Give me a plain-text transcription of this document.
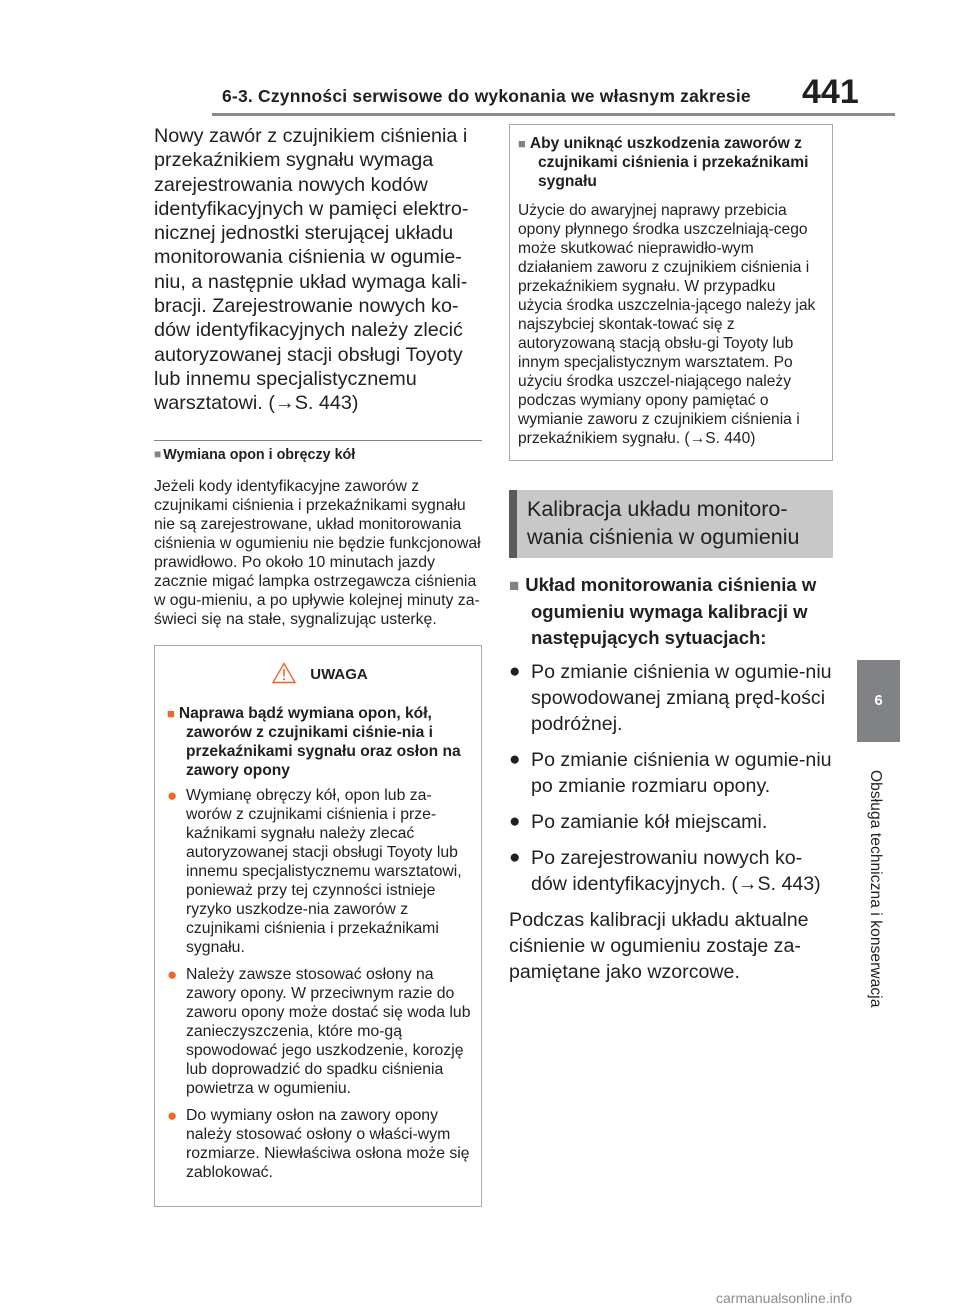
6-3. Czynności serwisowe do wykonania we własnym zakresie 441
6
Obsługa techniczna i konserwacja

Nowy zawór z czujnikiem ciśnienia i przekaźnikiem sygnału wymaga zarejestrowania nowych kodów identyfikacyjnych w pamięci elektro-nicznej jednostki sterującej układu monitorowania ciśnienia w ogumie-niu, a następnie układ wymaga kali-bracji. Zarejestrowanie nowych ko-dów identyfikacyjnych należy zlecić autoryzowanej stacji obsługi Toyoty lub innemu specjalistycznemu warsztatowi. (→S. 443)

■ Wymiana opon i obręczy kół

Jeżeli kody identyfikacyjne zaworów z czujnikami ciśnienia i przekaźnikami sygnału nie są zarejestrowane, układ monitorowania ciśnienia w ogumieniu nie będzie funkcjonował prawidłowo. Po około 10 minutach jazdy zacznie migać lampka ostrzegawcza ciśnienia w ogu-mieniu, a po upływie kolejnej minuty za-świeci się na stałe, sygnalizując usterkę.

UWAGA

■ Naprawa bądź wymiana opon, kół, zaworów z czujnikami ciśnie-nia i przekaźnikami sygnału oraz osłon na zawory opony

● Wymianę obręczy kół, opon lub za-worów z czujnikami ciśnienia i prze-kaźnikami sygnału należy zlecać autoryzowanej stacji obsługi Toyoty lub innemu specjalistycznemu warsztatowi, ponieważ przy tej czynności istnieje ryzyko uszkodze-nia zaworów z czujnikami ciśnienia i przekaźnikami sygnału.
● Należy zawsze stosować osłony na zawory opony. W przeciwnym razie do zaworu opony może dostać się woda lub zanieczyszczenia, które mo-gą spowodować jego uszkodzenie, korozję lub doprowadzić do spadku ciśnienia powietrza w ogumieniu.
● Do wymiany osłon na zawory opony należy stosować osłony o właści-wym rozmiarze. Niewłaściwa osłona może się zablokować.

■ Aby uniknąć uszkodzenia zaworów z czujnikami ciśnienia i przekaźnikami sygnału

Użycie do awaryjnej naprawy przebicia opony płynnego środka uszczelniają-cego może skutkować nieprawidło-wym działaniem zaworu z czujnikiem ciśnienia i przekaźnikiem sygnału. W przypadku użycia środka uszczelnia-jącego należy jak najszybciej skontak-tować się z autoryzowaną stacją obsłu-gi Toyoty lub innym specjalistycznym warsztatem. Po użyciu środka uszczel-niającego należy podczas wymiany opony pamiętać o wymianie zaworu z czujnikiem ciśnienia i przekaźnikiem sygnału. (→S. 440)

Kalibracja układu monitoro-wania ciśnienia w ogumieniu

■ Układ monitorowania ciśnienia w ogumieniu wymaga kalibracji w następujących sytuacjach:

● Po zmianie ciśnienia w ogumie-niu spowodowanej zmianą pręd-kości podróżnej.
● Po zmianie ciśnienia w ogumie-niu po zmianie rozmiaru opony.
● Po zamianie kół miejscami.
● Po zarejestrowaniu nowych ko-dów identyfikacyjnych. (→S. 443)

Podczas kalibracji układu aktualne ciśnienie w ogumieniu zostaje za-pamiętane jako wzorcowe.

carmanualsonline.info
